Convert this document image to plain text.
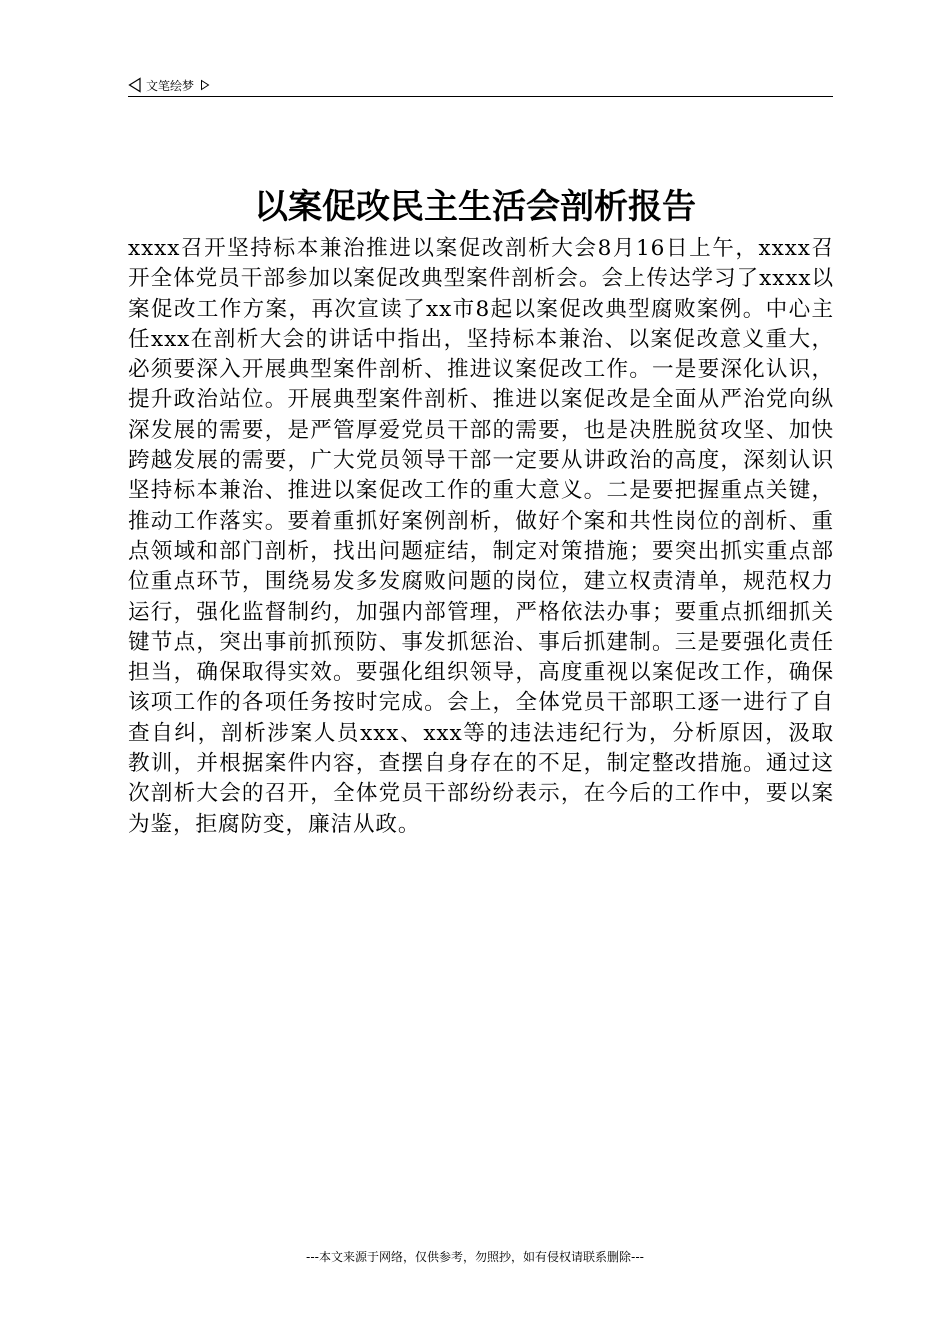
文笔绘梦
以案促改民主生活会剖析报告

xxxx召开坚持标本兼治推进以案促改剖析大会8月16日上午，xxxx召开全体党员干部参加以案促改典型案件剖析会。会上传达学习了xxxx以案促改工作方案，再次宣读了xx市8起以案促改典型腐败案例。中心主任xxx在剖析大会的讲话中指出，坚持标本兼治、以案促改意义重大，必须要深入开展典型案件剖析、推进议案促改工作。一是要深化认识，提升政治站位。开展典型案件剖析、推进以案促改是全面从严治党向纵深发展的需要，是严管厚爱党员干部的需要，也是决胜脱贫攻坚、加快跨越发展的需要，广大党员领导干部一定要从讲政治的高度，深刻认识坚持标本兼治、推进以案促改工作的重大意义。二是要把握重点关键，推动工作落实。要着重抓好案例剖析，做好个案和共性岗位的剖析、重点领域和部门剖析，找出问题症结，制定对策措施；要突出抓实重点部位重点环节，围绕易发多发腐败问题的岗位，建立权责清单，规范权力运行，强化监督制约，加强内部管理，严格依法办事；要重点抓细抓关键节点，突出事前抓预防、事发抓惩治、事后抓建制。三是要强化责任担当，确保取得实效。要强化组织领导，高度重视以案促改工作，确保该项工作的各项任务按时完成。会上，全体党员干部职工逐一进行了自查自纠，剖析涉案人员xxx、xxx等的违法违纪行为，分析原因，汲取教训，并根据案件内容，查摆自身存在的不足，制定整改措施。通过这次剖析大会的召开，全体党员干部纷纷表示，在今后的工作中，要以案为鉴，拒腐防变，廉洁从政。

---本文来源于网络，仅供参考，勿照抄，如有侵权请联系删除---
